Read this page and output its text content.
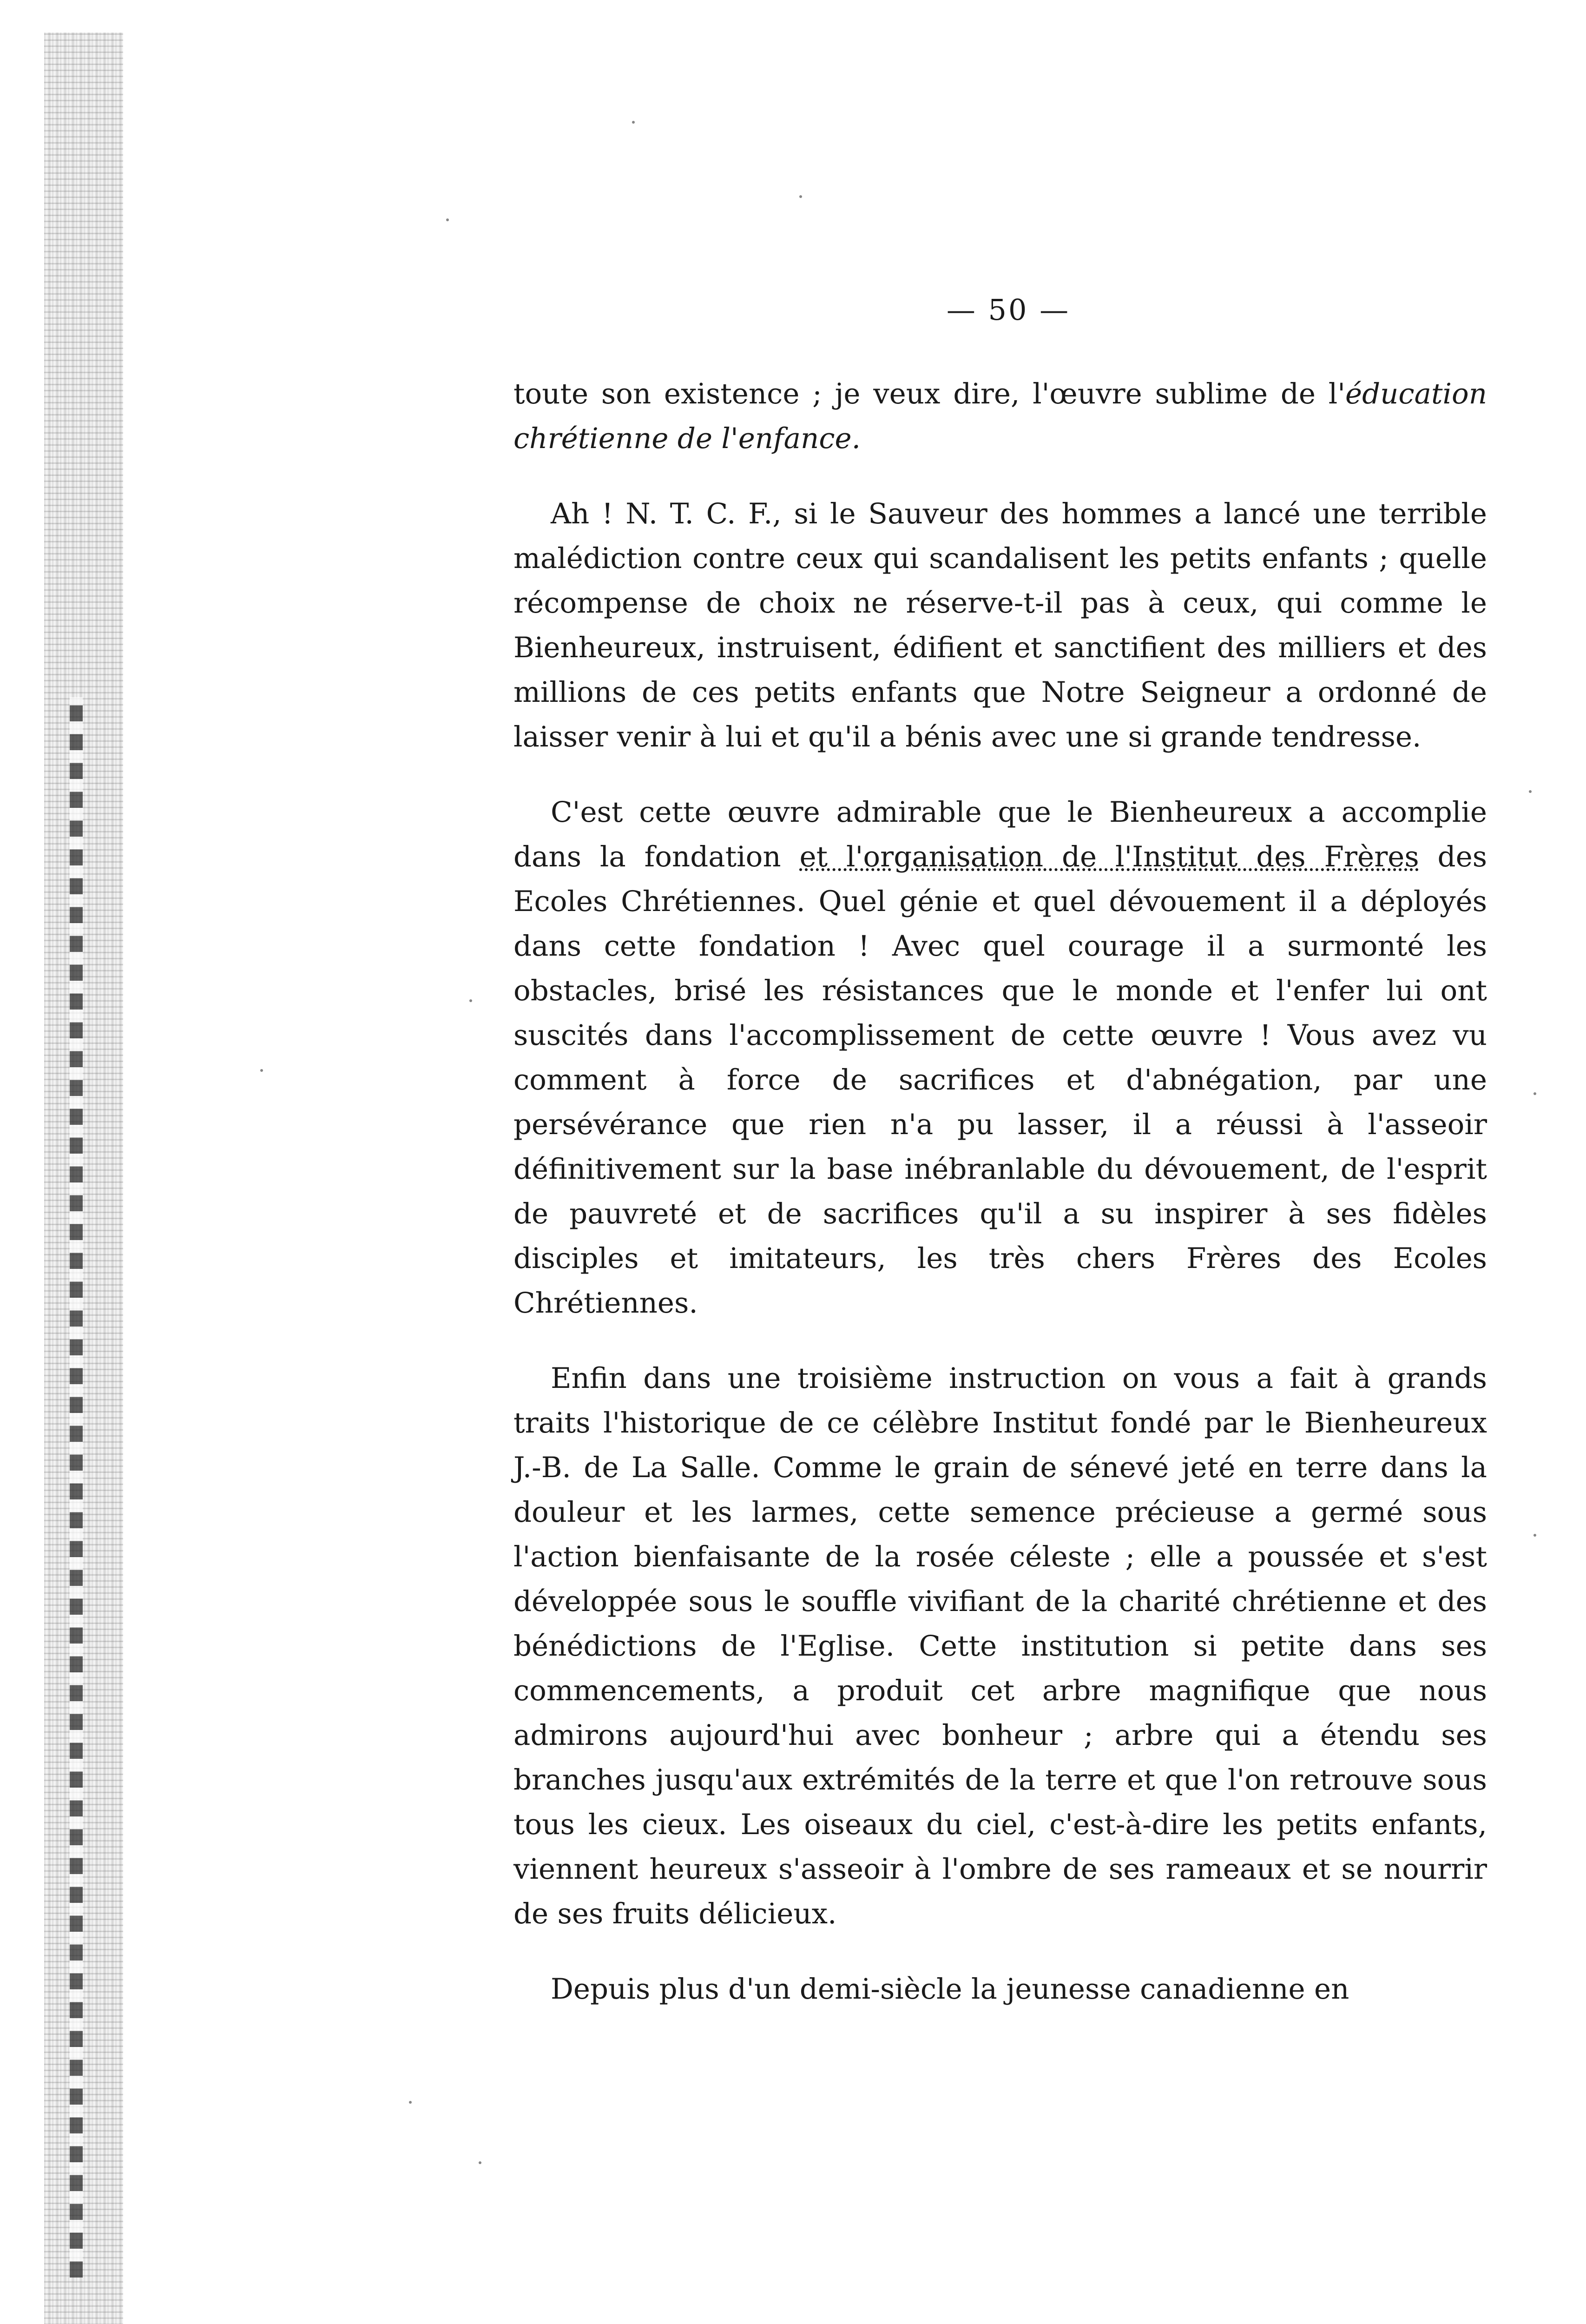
— 50 —

toute son existence ; je veux dire, l'œuvre sublime de l'éducation chrétienne de l'enfance.

Ah ! N. T. C. F., si le Sauveur des hommes a lancé une terrible malédiction contre ceux qui scandalisent les petits enfants ; quelle récompense de choix ne réserve-t-il pas à ceux, qui comme le Bienheureux, instruisent, édifient et sanctifient des milliers et des millions de ces petits enfants que Notre Seigneur a ordonné de laisser venir à lui et qu'il a bénis avec une si grande tendresse.

C'est cette œuvre admirable que le Bienheureux a accomplie dans la fondation et l'organisation de l'Institut des Frères des Ecoles Chrétiennes. Quel génie et quel dévouement il a déployés dans cette fondation ! Avec quel courage il a surmonté les obstacles, brisé les résistances que le monde et l'enfer lui ont suscités dans l'accomplissement de cette œuvre ! Vous avez vu comment à force de sacrifices et d'abnégation, par une persévérance que rien n'a pu lasser, il a réussi à l'asseoir définitivement sur la base inébranlable du dévouement, de l'esprit de pauvreté et de sacrifices qu'il a su inspirer à ses fidèles disciples et imitateurs, les très chers Frères des Ecoles Chrétiennes.

Enfin dans une troisième instruction on vous a fait à grands traits l'historique de ce célèbre Institut fondé par le Bienheureux J.-B. de La Salle. Comme le grain de sénevé jeté en terre dans la douleur et les larmes, cette semence précieuse a germé sous l'action bienfaisante de la rosée céleste ; elle a poussée et s'est développée sous le souffle vivifiant de la charité chrétienne et des bénédictions de l'Eglise. Cette institution si petite dans ses commencements, a produit cet arbre magnifique que nous admirons aujourd'hui avec bonheur ; arbre qui a étendu ses branches jusqu'aux extrémités de la terre et que l'on retrouve sous tous les cieux. Les oiseaux du ciel, c'est-à-dire les petits enfants, viennent heureux s'asseoir à l'ombre de ses rameaux et se nourrir de ses fruits délicieux.

Depuis plus d'un demi-siècle la jeunesse canadienne en
